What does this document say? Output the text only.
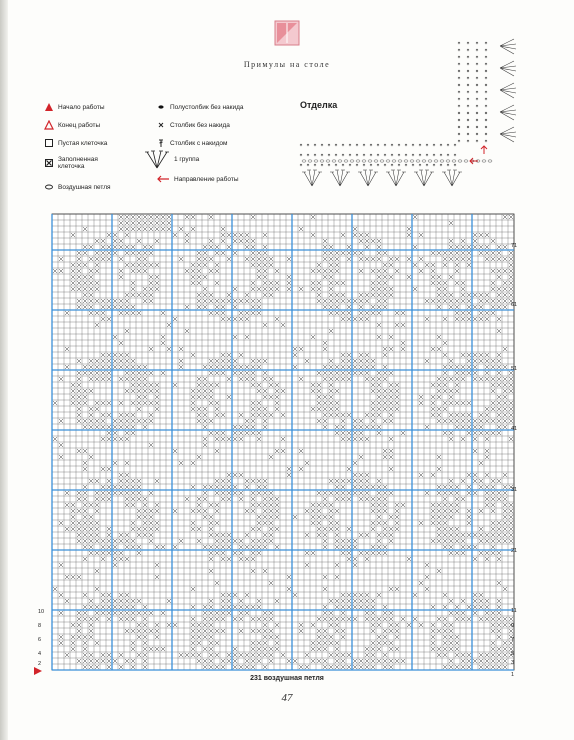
Примулы на столе
Начало работы
Конец работы
Пустая клеточка
Заполненная клеточка
Воздушная петля
Полустолбик без накида
Столбик без накида
Столбик с накидом
1 группа
Направление работы
Отделка
71
61
51
41
31
21
11
9
7
5
3
1
10
8
6
4
2
231 воздушная петля
47
